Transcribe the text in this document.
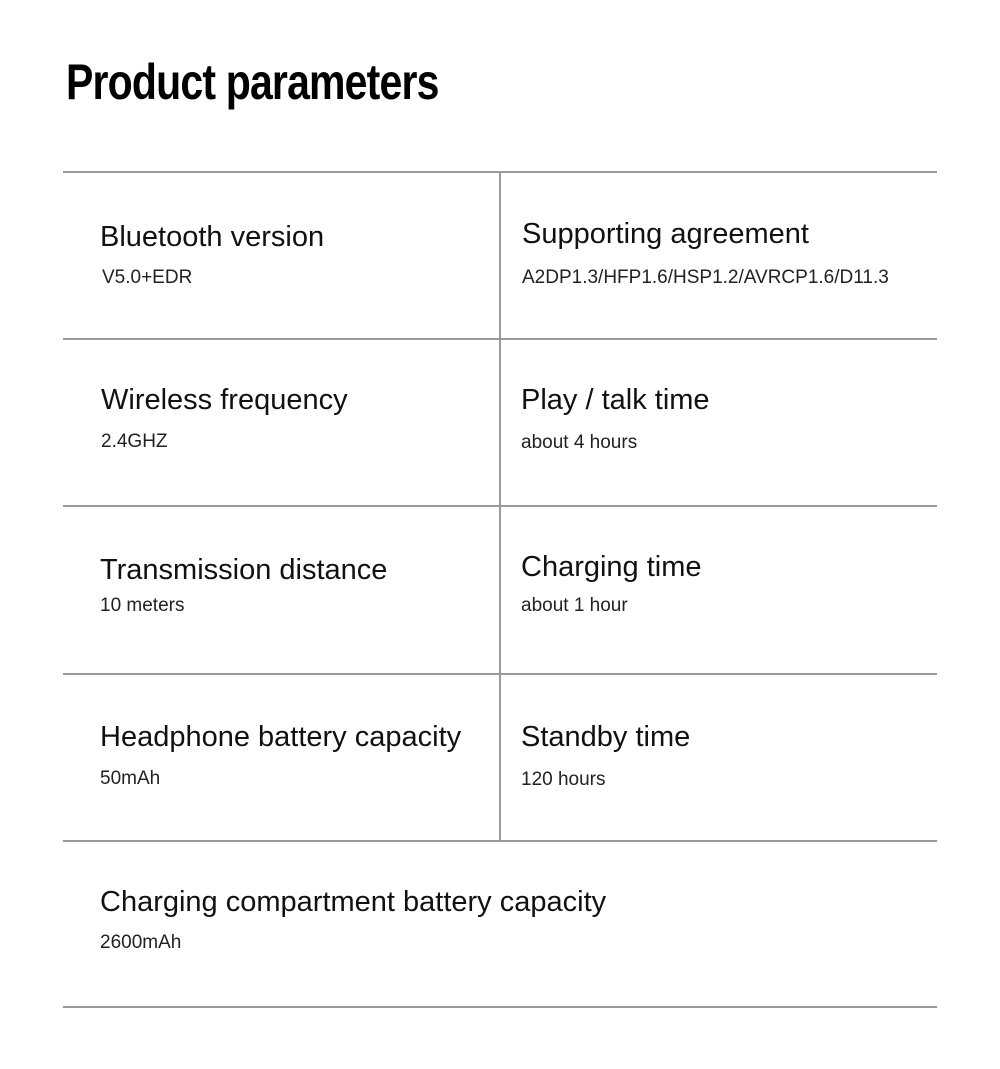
Product parameters
Bluetooth version
V5.0+EDR
Supporting agreement
A2DP1.3/HFP1.6/HSP1.2/AVRCP1.6/D11.3
Wireless frequency
2.4GHZ
Play / talk time
about 4 hours
Transmission distance
10 meters
Charging time
about 1 hour
Headphone battery capacity
50mAh
Standby time
120 hours
Charging compartment battery capacity
2600mAh
